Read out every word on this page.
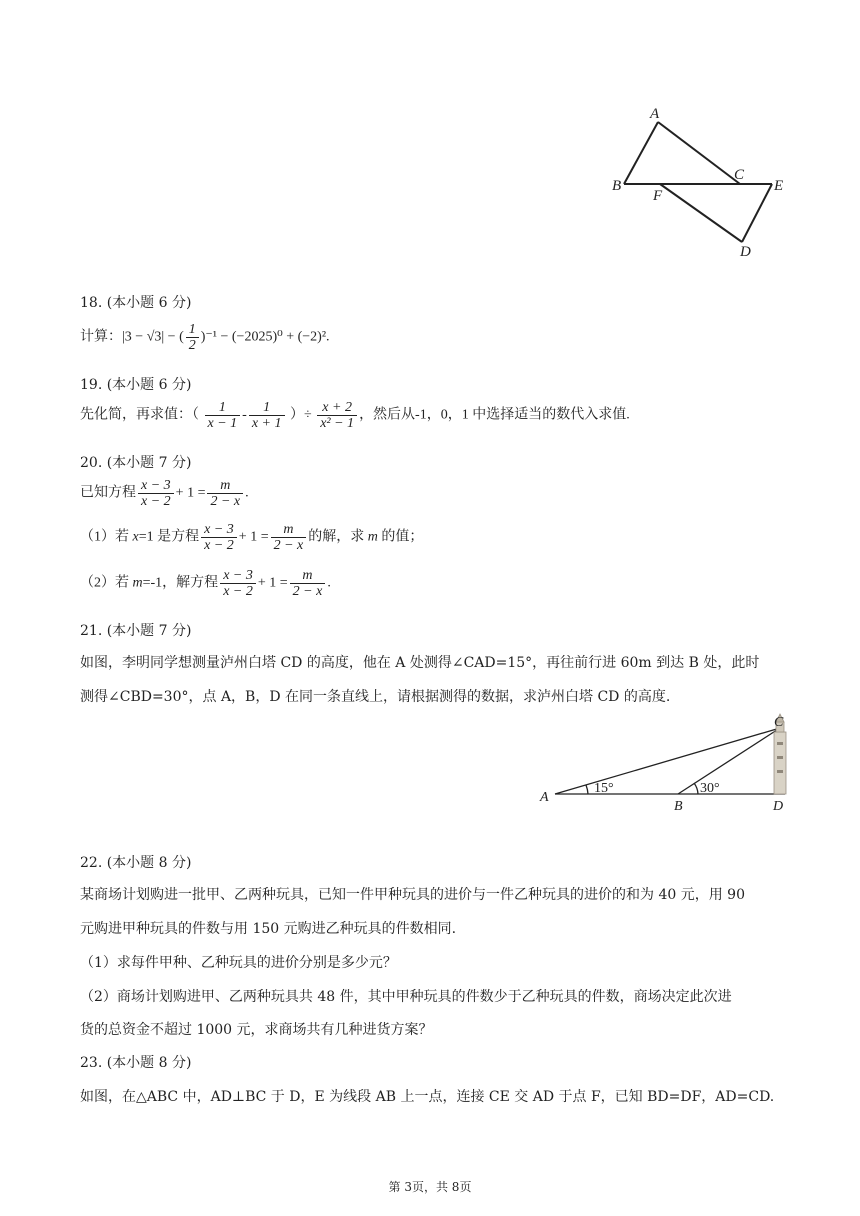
A
B
C
E
F
D
18. (本小题 6 分)
计算：|3 − √3| − ( $\frac{1}{2} )^{-1} - (-2025)^0 + (-2)^2$.
19. (本小题 6 分)
先化简，再求值：（ $\frac{1}{x - 1} - \frac{1}{x + 1}$ ）÷ $\frac{x + 2}{\text{x² − 1}}$ ，然后从-1，0，1 中选择适当的数代入求值.
20. (本小题 7 分)
已知方程 $\frac{x - 3}{x - 2} + 1 = \frac{m}{2 - x}$ .
（1）若 x=1 是方程 $\frac{x - 3}{x - 2} + 1 = \frac{m}{2 - x}$ 的解，求 m 的值；
（2）若 m=-1，解方程 $\frac{x - 3}{x - 2} + 1 = \frac{m}{2 - x}$ .
21. (本小题 7 分)
如图，李明同学想测量泸州白塔 CD 的高度，他在 A 处测得∠CAD=15°，再往前行进 60m 到达 B 处，此时
测得∠CBD=30°，点 A，B，D 在同一条直线上，请根据测得的数据，求泸州白塔 CD 的高度.
A
B
C
D
15°	30°
22. (本小题 8 分)
某商场计划购进一批甲、乙两种玩具，已知一件甲种玩具的进价与一件乙种玩具的进价的和为 40 元，用 90
元购进甲种玩具的件数与用 150 元购进乙种玩具的件数相同.
（1）求每件甲种、乙种玩具的进价分别是多少元？
（2）商场计划购进甲、乙两种玩具共 48 件，其中甲种玩具的件数少于乙种玩具的件数，商场决定此次进
货的总资金不超过 1000 元，求商场共有几种进货方案？
23. (本小题 8 分)
如图，在△ABC 中，AD⊥BC 于 D，E 为线段 AB 上一点，连接 CE 交 AD 于点 F，已知 BD=DF，AD=CD.
第 3页，共 8页
